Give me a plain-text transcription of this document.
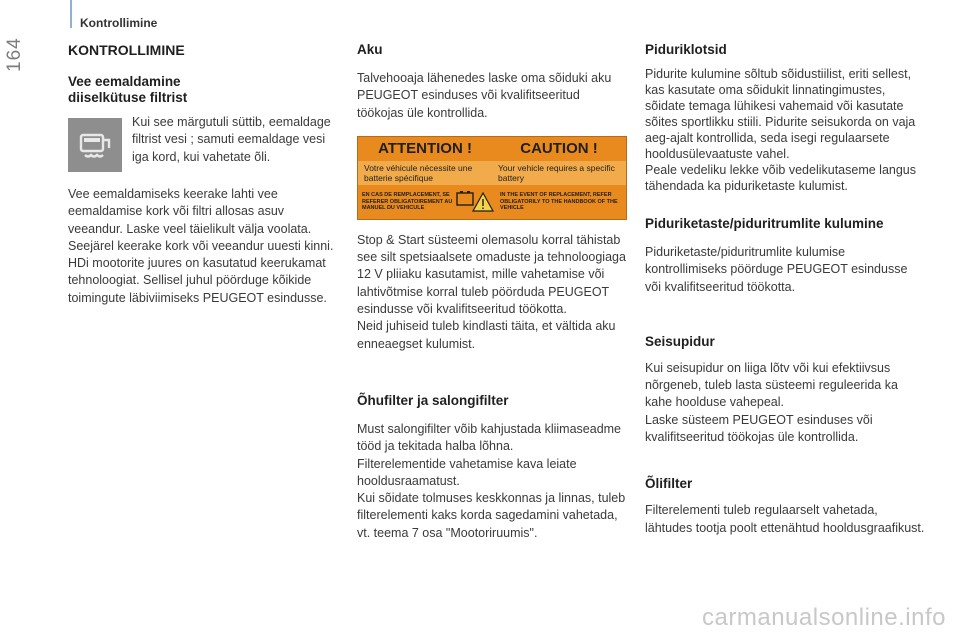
Kontrollimine
164	KONTROLLIMINE
Vee eemaldamine
diiselkütuse filtrist

Kui see märgutuli süttib, eemaldage filtrist vesi ; samuti eemaldage vesi iga kord, kui vahetate õli.

Vee eemaldamiseks keerake lahti vee eemaldamise kork või filtri allosas asuv veeandur. Laske veel täielikult välja voolata. Seejärel keerake kork või veeandur uuesti kinni.
HDi mootorite juures on kasutatud keerukamat tehnoloogiat. Sellisel juhul pöörduge kõikide toimingute läbiviimiseks PEUGEOT esindusse.

Aku

Talvehooaja lähenedes laske oma sõiduki aku PEUGEOT esinduses või kvalifitseeritud töökojas üle kontrollida.

ATTENTION !	CAUTION !
Votre véhicule nécessite une batterie spécifique
Your vehicle requires a specific battery
EN CAS DE REMPLACEMENT, SE REFERER OBLIGATOIREMENT AU MANUEL DU VEHICULE
IN THE EVENT OF REPLACEMENT, REFER OBLIGATORILY TO THE HANDBOOK OF THE VEHICLE

Stop & Start süsteemi olemasolu korral tähistab see silt spetsiaalsete omaduste ja tehnoloogiaga 12 V pliiaku kasutamist, mille vahetamise või lahtivõtmise korral tuleb pöörduda PEUGEOT esindusse või kvalifitseeritud töökotta.
Neid juhiseid tuleb kindlasti täita, et vältida aku enneaegset kulumist.

Õhufilter ja salongifilter

Must salongifilter võib kahjustada kliimaseadme tööd ja tekitada halba lõhna.
Filterelementide vahetamise kava leiate hooldusraamatust.
Kui sõidate tolmuses keskkonnas ja linnas, tuleb filterelementi kaks korda sagedamini vahetada, vt. teema 7 osa "Mootoriruumis".

Piduriklotsid

Pidurite kulumine sõltub sõidustiilist, eriti sellest, kas kasutate oma sõidukit linnatingimustes, sõidate temaga lühikesi vahemaid või kasutate sõites sportlikku stiili. Pidurite seisukorda on vaja aeg-ajalt kontrollida, seda isegi regulaarsete hooldusülevaatuste vahel.
Peale vedeliku lekke võib vedelikutaseme langus tähendada ka piduriketaste kulumist.

Piduriketaste/piduritrumlite kulumine

Piduriketaste/piduritrumlite kulumise kontrollimiseks pöörduge PEUGEOT esindusse või kvalifitseeritud töökotta.

Seisupidur

Kui seisupidur on liiga lõtv või kui efektiivsus nõrgeneb, tuleb lasta süsteemi reguleerida ka kahe hoolduse vahepeal.
Laske süsteem PEUGEOT esinduses või kvalifitseeritud töökojas üle kontrollida.

Õlifilter

Filterelementi tuleb regulaarselt vahetada, lähtudes tootja poolt ettenähtud hooldusgraafikust.

carmanualsonline.info
